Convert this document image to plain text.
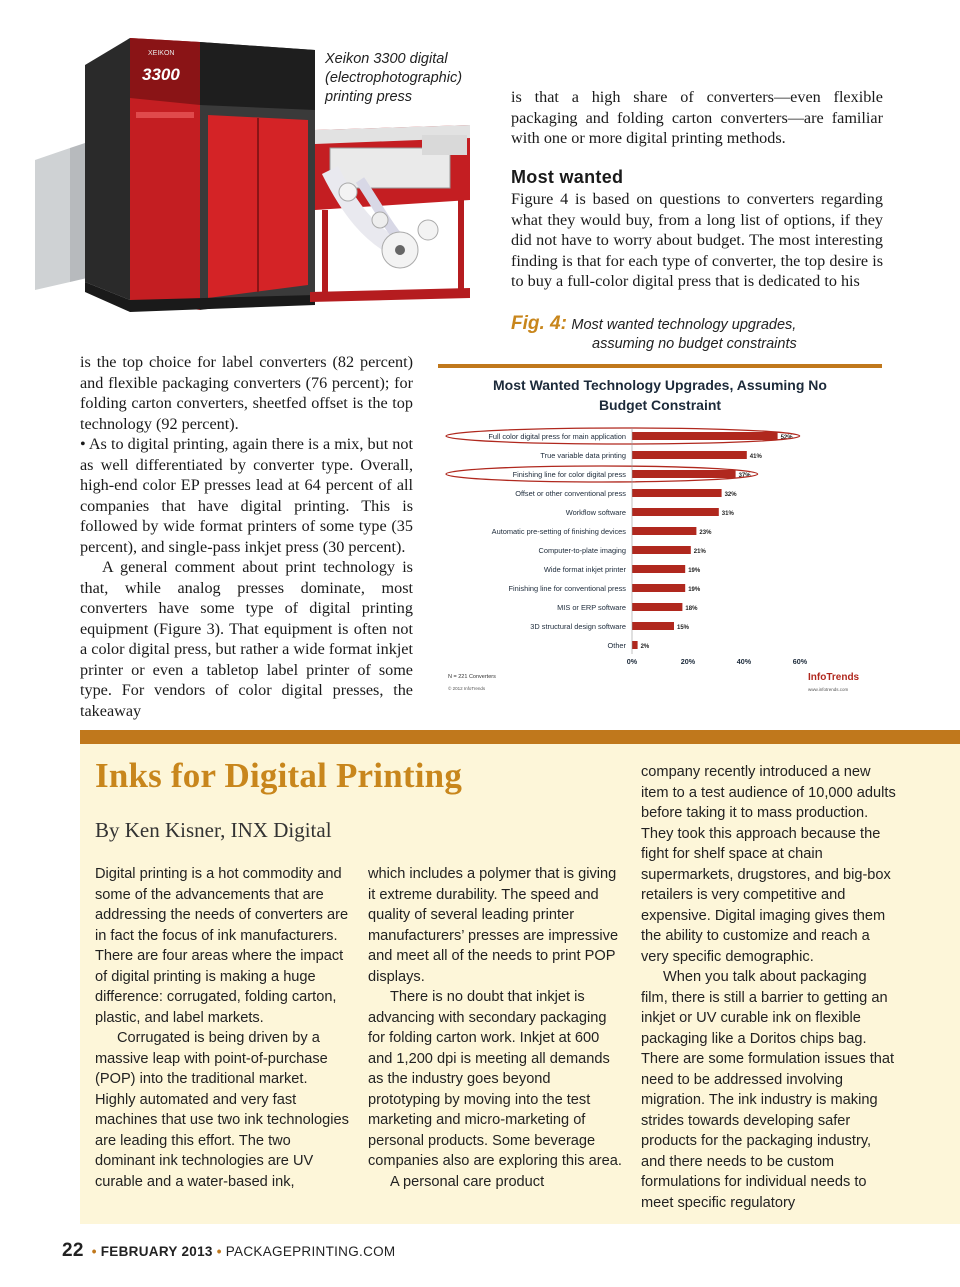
XEIKON
3300
Xeikon 3300 digital
(electrophotographic)
printing press	is that a high share of converters—even flexible packaging and folding carton converters—are familiar with one or more digital printing methods.

Most wanted

Figure 4 is based on questions to converters regarding what they would buy, from a long list of options, if they did not have to worry about budget. The most interesting finding is that for each type of converter, the top desire is to buy a full-color digital press that is dedicated to his

Fig. 4: Most wanted technology upgrades,
assuming no budget constraints

is the top choice for label converters (82 percent) and flexible packaging converters (76 percent); for folding carton converters, sheetfed offset is the top technology (92 percent).

• As to digital printing, again there is a mix, but not as well differentiated by converter type. Overall, high-end color EP presses lead at 64 percent of all companies that have digital printing. This is followed by wide format printers of some type (35 percent), and single-pass inkjet press (30 percent).

A general comment about print technology is that, while analog presses dominate, most converters have some type of digital printing equipment (Figure 3). That equipment is often not a color digital press, but rather a wide format inkjet printer or even a tabletop label printer of some type. For vendors of color digital presses, the takeaway

Most Wanted Technology Upgrades, Assuming No
Budget Constraint
Full color digital press for main application	52%
True variable data printing	41%
Finishing line for color digital press	37%
Offset or other conventional press	32%
Workflow software	31%
Automatic pre-setting of finishing devices	23%
Computer-to-plate imaging	21%
Wide format inkjet printer	19%
Finishing line for conventional press	19%
MIS or ERP software	18%
3D structural design software	15%
Other 2%
0%	20%	40%	60%
N = 221 Converters
© 2012 InfoTrends
InfoTrends
www.infotrends.com
Inks for Digital Printing
By Ken Kisner, INX Digital

Digital printing is a hot commodity and some of the advancements that are addressing the needs of converters are in fact the focus of ink manufacturers. There are four areas where the impact of digital printing is making a huge difference: corrugated, folding carton, plastic, and label markets.

Corrugated is being driven by a massive leap with point-of-purchase (POP) into the traditional market. Highly automated and very fast machines that use two ink technologies are leading this effort. The two dominant ink technologies are UV curable and a water-based ink,

which includes a polymer that is giving it extreme durability. The speed and quality of several leading printer manufacturers’ presses are impressive and meet all of the needs to print POP displays.

There is no doubt that inkjet is advancing with secondary packaging for folding carton work. Inkjet at 600 and 1,200 dpi is meeting all demands as the industry goes beyond prototyping by moving into the test marketing and micro-marketing of personal products. Some beverage companies also are exploring this area.

A personal care product

company recently introduced a new item to a test audience of 10,000 adults before taking it to mass production. They took this approach because the fight for shelf space at chain supermarkets, drugstores, and big-box retailers is very competitive and expensive. Digital imaging gives them the ability to customize and reach a very specific demographic.

When you talk about packaging film, there is still a barrier to getting an inkjet or UV curable ink on flexible packaging like a Doritos chips bag. There are some formulation issues that need to be addressed involving migration. The ink industry is making strides towards developing safer products for the packaging industry, and there needs to be custom formulations for individual needs to meet specific regulatory

22 • FEBRUARY 2013 • PACKAGEPRINTING.COM
